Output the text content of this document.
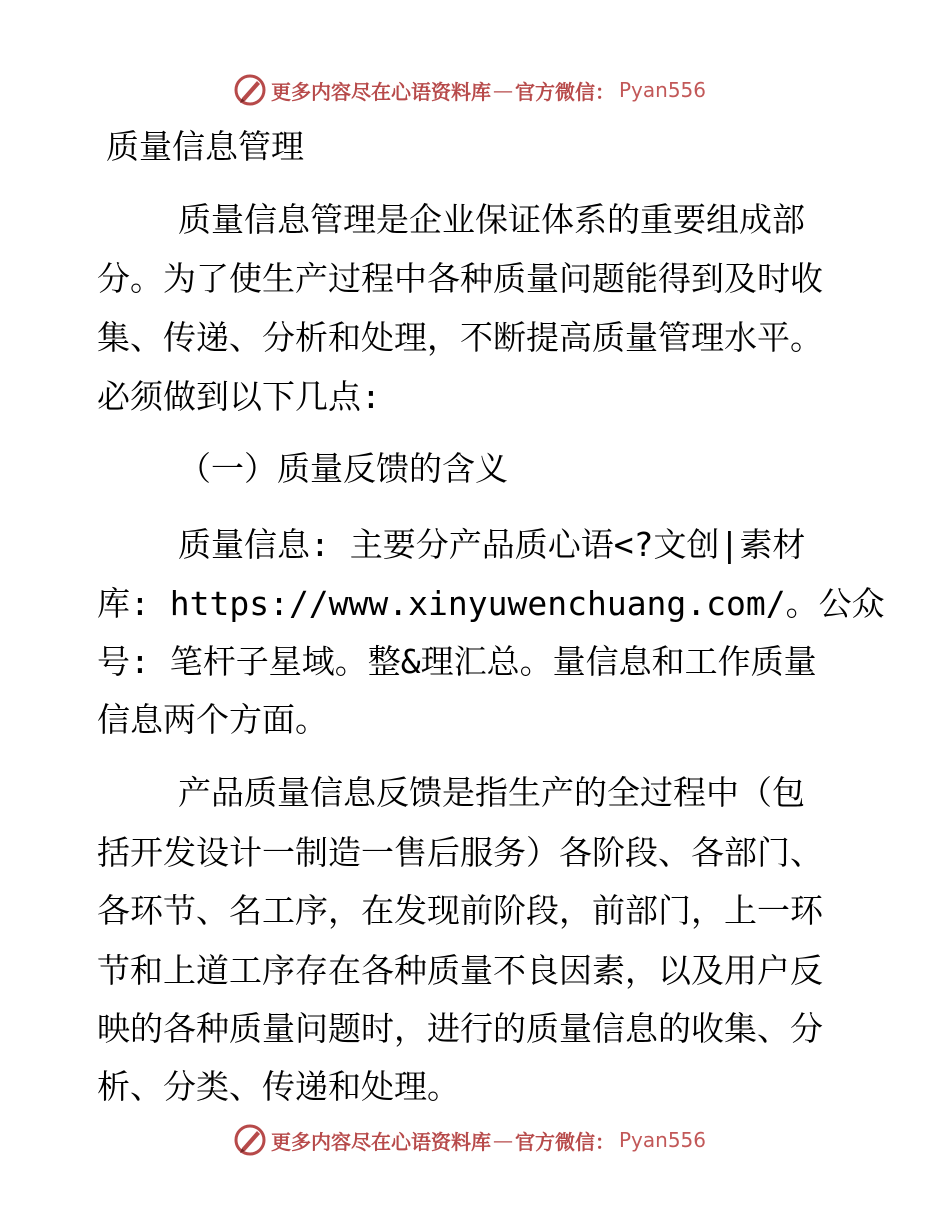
更多内容尽在心语资料库 — 官方微信： Pyan556
质量信息管理
质量信息管理是企业保证体系的重要组成部
分。为了使生产过程中各种质量问题能得到及时收
集、传递、分析和处理，不断提高质量管理水平。
必须做到以下几点:
（一）质量反馈的含义
质量信息: 主要分产品质心语<?文创|素材
库: https://www.xinyuwenchuang.com/。公众
号: 笔杆子星域。整&理汇总。量信息和工作质量
信息两个方面。
产品质量信息反馈是指生产的全过程中（包
括开发设计一制造一售后服务）各阶段、各部门、
各环节、名工序，在发现前阶段，前部门，上一环
节和上道工序存在各种质量不良因素，以及用户反
映的各种质量问题时，进行的质量信息的收集、分
析、分类、传递和处理。
更多内容尽在心语资料库 — 官方微信： Pyan556
